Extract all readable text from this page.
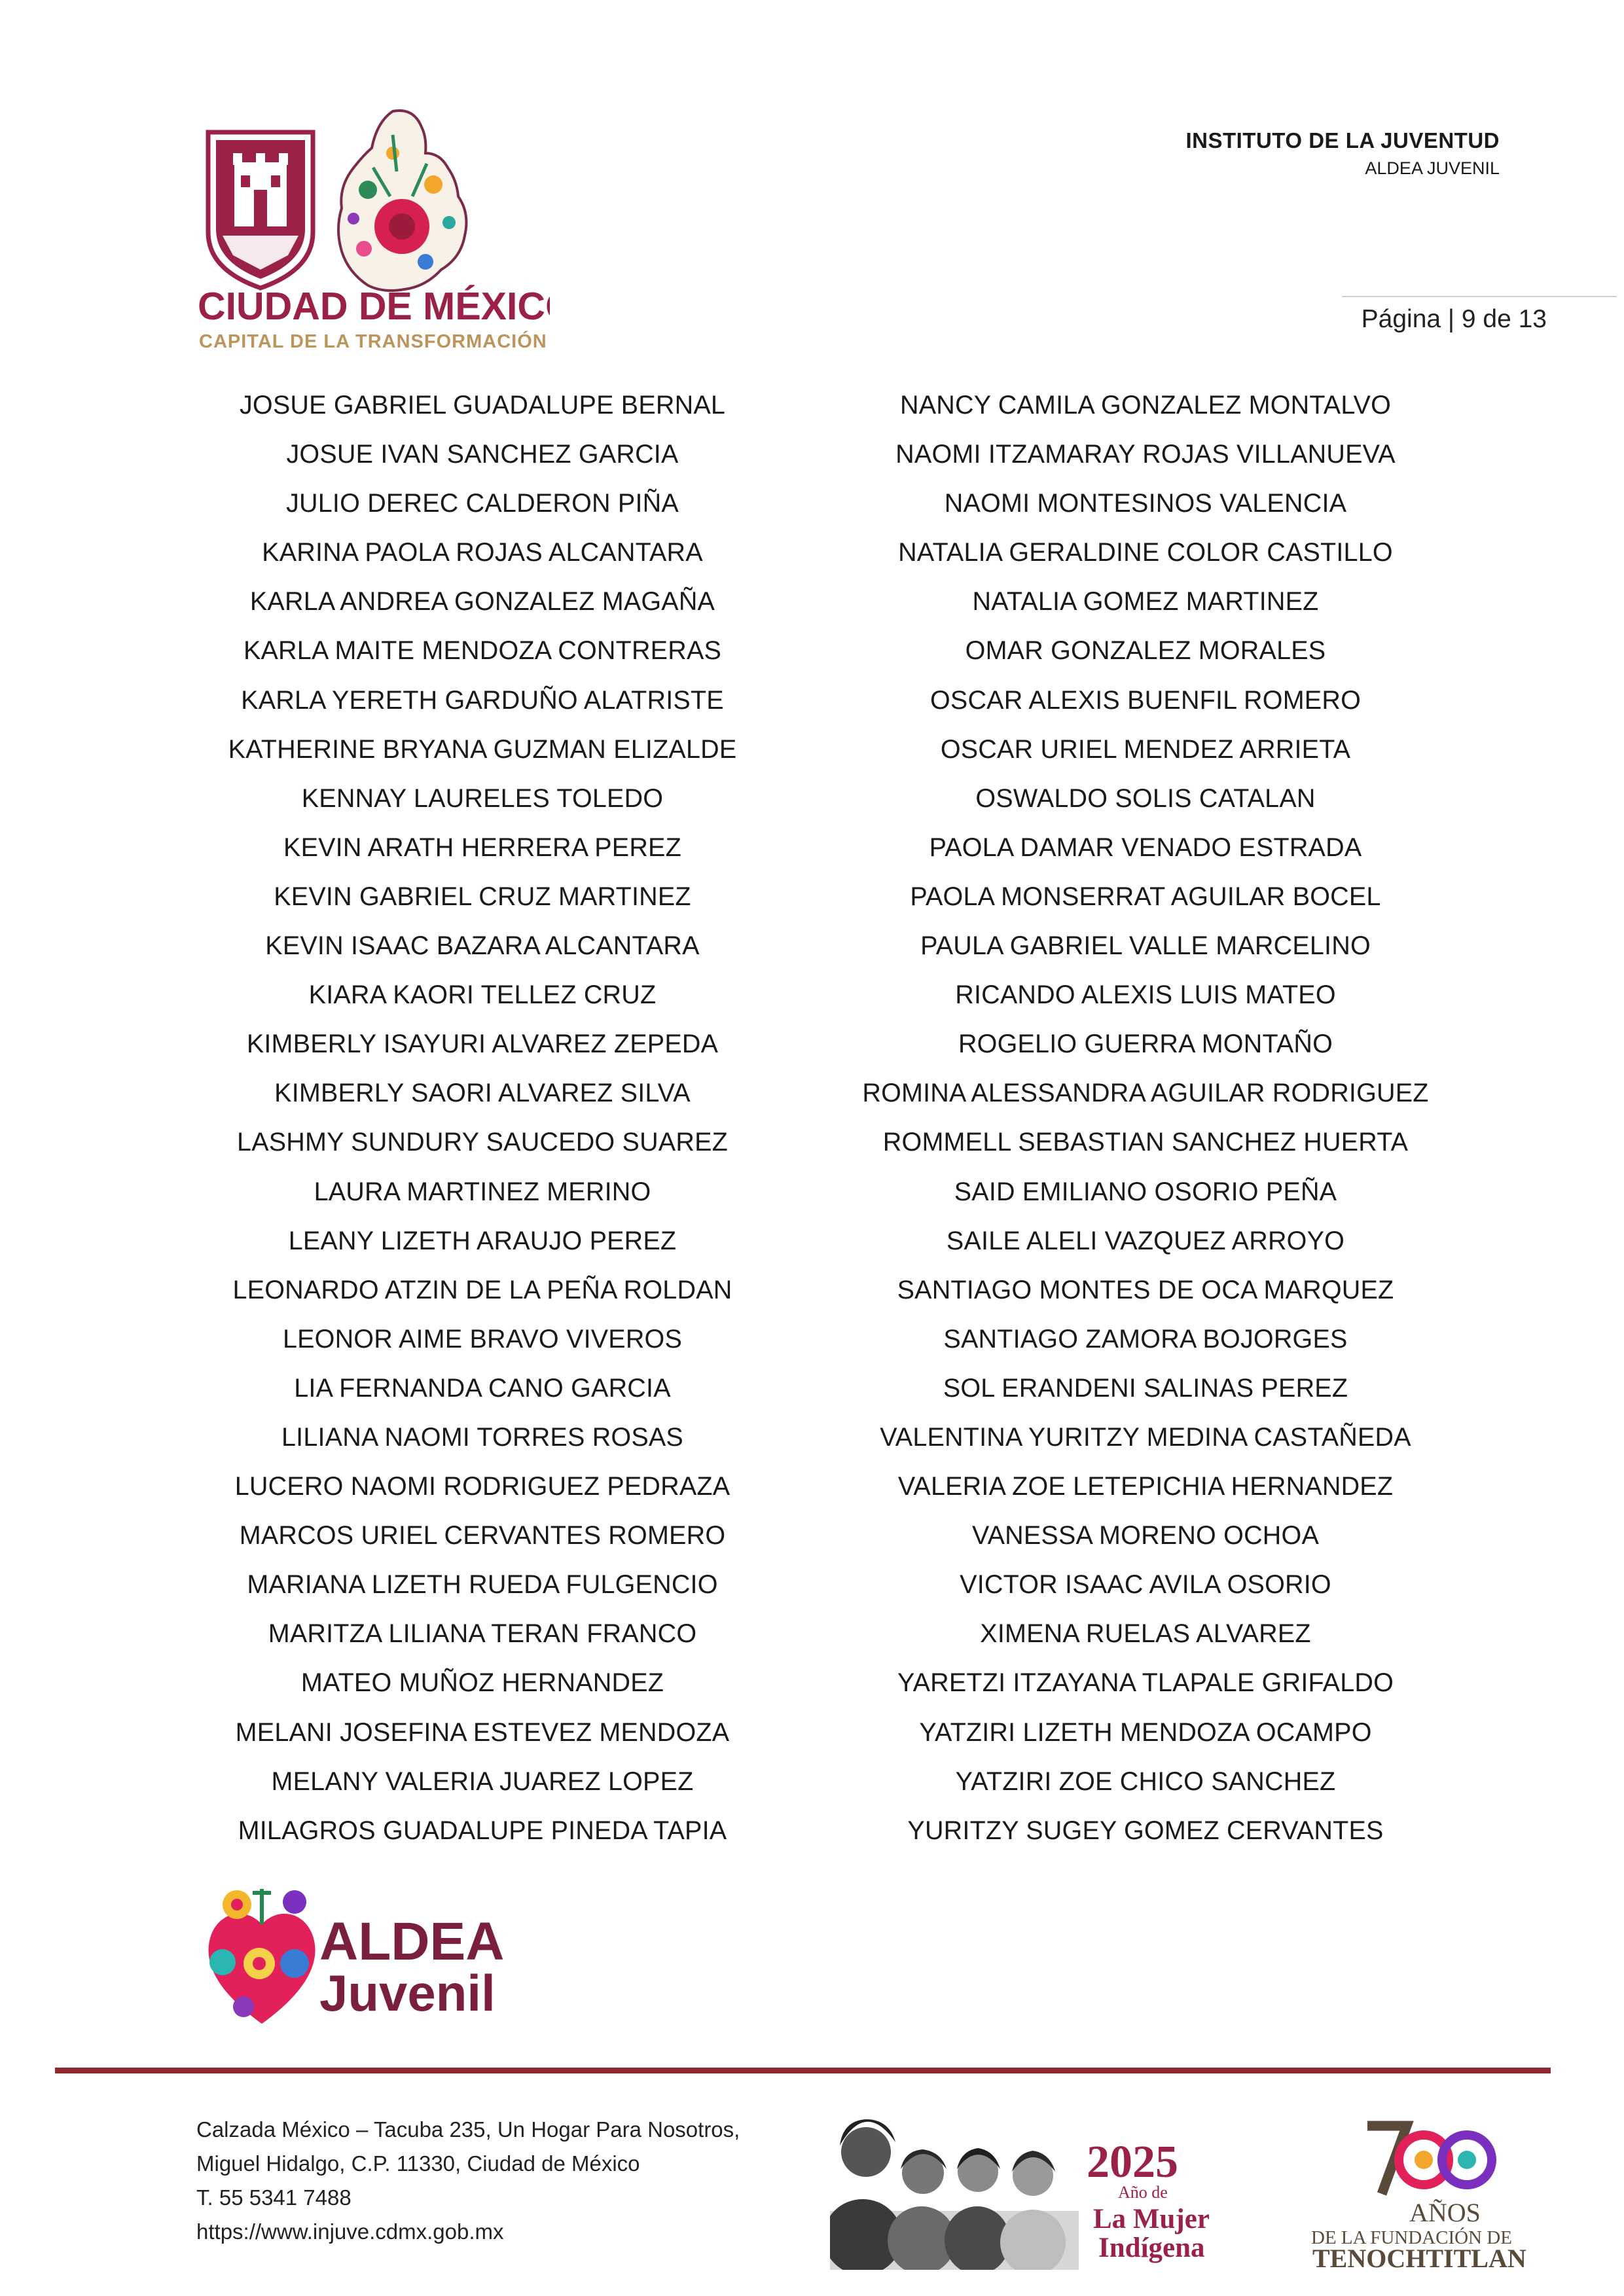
CIUDAD DE MÉXICO
CAPITAL DE LA TRANSFORMACIÓN
INSTITUTO DE LA JUVENTUD
ALDEA JUVENIL
Página | 9 de 13
JOSUE GABRIEL GUADALUPE BERNAL
JOSUE IVAN SANCHEZ GARCIA
JULIO DEREC CALDERON PIÑA
KARINA PAOLA ROJAS ALCANTARA
KARLA ANDREA GONZALEZ MAGAÑA
KARLA MAITE MENDOZA CONTRERAS
KARLA YERETH GARDUÑO ALATRISTE
KATHERINE BRYANA GUZMAN ELIZALDE
KENNAY LAURELES TOLEDO
KEVIN ARATH HERRERA PEREZ
KEVIN GABRIEL CRUZ MARTINEZ
KEVIN ISAAC BAZARA ALCANTARA
KIARA KAORI TELLEZ CRUZ
KIMBERLY ISAYURI ALVAREZ ZEPEDA
KIMBERLY SAORI ALVAREZ SILVA
LASHMY SUNDURY SAUCEDO SUAREZ
LAURA MARTINEZ MERINO
LEANY LIZETH ARAUJO PEREZ
LEONARDO ATZIN DE LA PEÑA ROLDAN
LEONOR AIME BRAVO VIVEROS
LIA FERNANDA CANO GARCIA
LILIANA NAOMI TORRES ROSAS
LUCERO NAOMI RODRIGUEZ PEDRAZA
MARCOS URIEL CERVANTES ROMERO
MARIANA LIZETH RUEDA FULGENCIO
MARITZA LILIANA TERAN FRANCO
MATEO MUÑOZ HERNANDEZ
MELANI JOSEFINA ESTEVEZ MENDOZA
MELANY VALERIA JUAREZ LOPEZ
MILAGROS GUADALUPE PINEDA TAPIA
NANCY CAMILA GONZALEZ MONTALVO
NAOMI ITZAMARAY ROJAS VILLANUEVA
NAOMI MONTESINOS VALENCIA
NATALIA GERALDINE COLOR CASTILLO
NATALIA GOMEZ MARTINEZ
OMAR GONZALEZ MORALES
OSCAR ALEXIS BUENFIL ROMERO
OSCAR URIEL MENDEZ ARRIETA
OSWALDO SOLIS CATALAN
PAOLA DAMAR VENADO ESTRADA
PAOLA MONSERRAT AGUILAR BOCEL
PAULA GABRIEL VALLE MARCELINO
RICANDO ALEXIS LUIS MATEO
ROGELIO GUERRA MONTAÑO
ROMINA ALESSANDRA AGUILAR RODRIGUEZ
ROMMELL SEBASTIAN SANCHEZ HUERTA
SAID EMILIANO OSORIO PEÑA
SAILE ALELI VAZQUEZ ARROYO
SANTIAGO MONTES DE OCA MARQUEZ
SANTIAGO ZAMORA BOJORGES
SOL ERANDENI SALINAS PEREZ
VALENTINA YURITZY MEDINA CASTAÑEDA
VALERIA ZOE LETEPICHIA HERNANDEZ
VANESSA MORENO OCHOA
VICTOR ISAAC AVILA OSORIO
XIMENA RUELAS ALVAREZ
YARETZI ITZAYANA TLAPALE GRIFALDO
YATZIRI LIZETH MENDOZA OCAMPO
YATZIRI ZOE CHICO SANCHEZ
YURITZY SUGEY GOMEZ CERVANTES
ALDEA
Juvenil
Calzada México – Tacuba 235, Un Hogar Para Nosotros,
Miguel Hidalgo, C.P. 11330, Ciudad de México
T. 55 5341 7488
https://www.injuve.cdmx.gob.mx
2025
Año de
La Mujer
Indígena
AÑOS
DE LA FUNDACIÓN DE
TENOCHTITLAN
